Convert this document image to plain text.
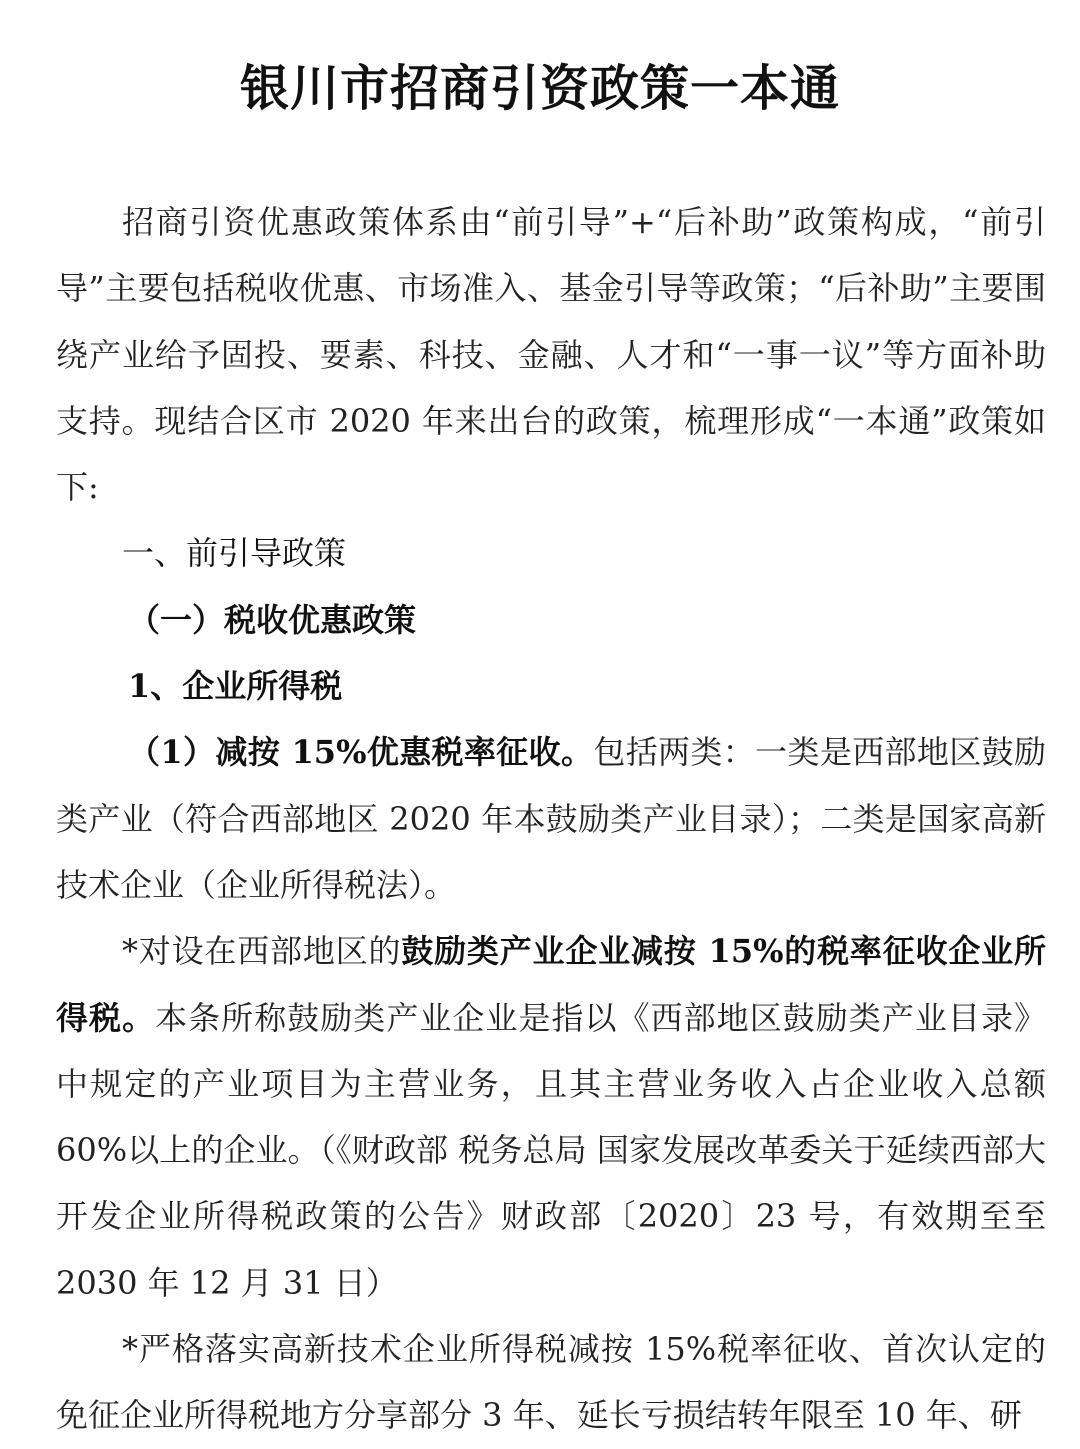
银川市招商引资政策一本通

招商引资优惠政策体系由“前引导”+“后补助”政策构成，“前引导”主要包括税收优惠、市场准入、基金引导等政策；“后补助”主要围绕产业给予固投、要素、科技、金融、人才和“一事一议”等方面补助支持。现结合区市 2020 年来出台的政策，梳理形成“一本通”政策如下:

一、前引导政策

（一）税收优惠政策

1、企业所得税

（1）减按 15%优惠税率征收。包括两类：一类是西部地区鼓励类产业（符合西部地区 2020 年本鼓励类产业目录）；二类是国家高新技术企业（企业所得税法）。

*对设在西部地区的鼓励类产业企业减按 15%的税率征收企业所得税。本条所称鼓励类产业企业是指以《西部地区鼓励类产业目录》中规定的产业项目为主营业务，且其主营业务收入占企业收入总额 60%以上的企业。（《财政部 税务总局 国家发展改革委关于延续西部大开发企业所得税政策的公告》财政部〔2020〕23 号，有效期至至 2030 年 12 月 31 日）

*严格落实高新技术企业所得税减按 15%税率征收、首次认定的免征企业所得税地方分享部分 3 年、延长亏损结转年限至 10 年、研
